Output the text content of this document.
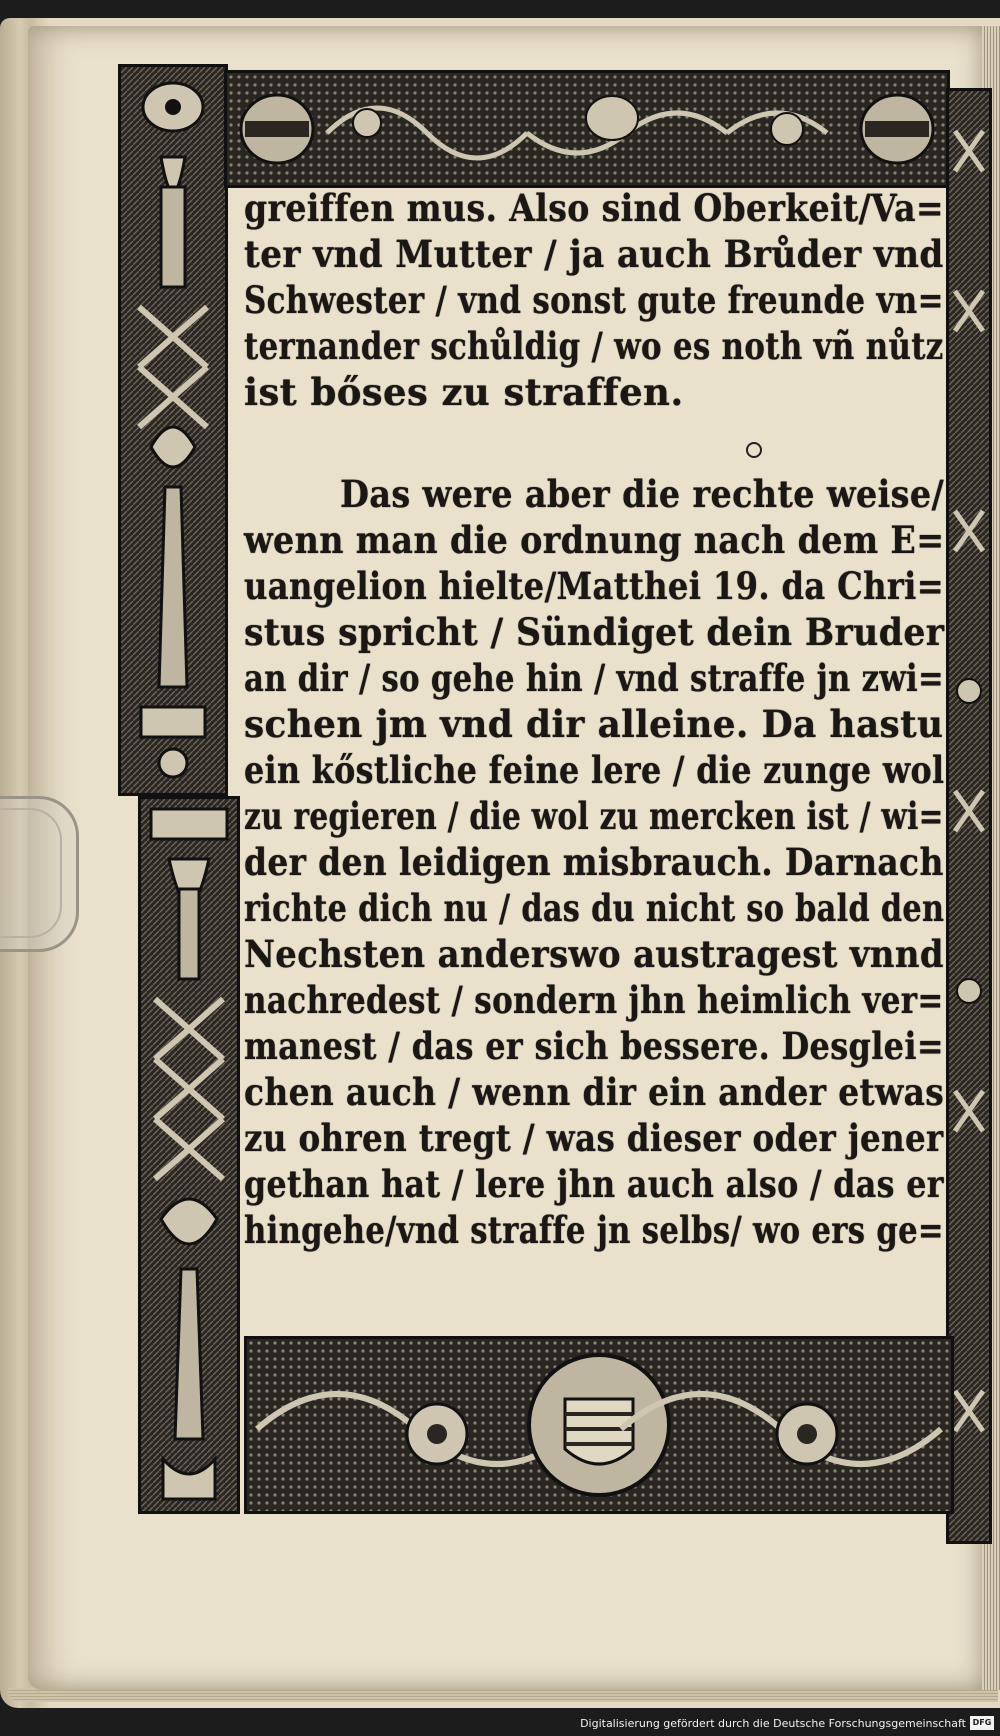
greiffen mus. Also sind Oberkeit/Va=
ter vnd Mutter / ja auch Brůder vnd
Schwester / vnd sonst gute freunde vn=
ternander schůldig / wo es noth vñ nůtz
ist bőses zu straffen.
Das were aber die rechte weise/
wenn man die ordnung nach dem E=
uangelion hielte/Matthei 19. da Chri=
stus spricht / Sündiget dein Bruder
an dir / so gehe hin / vnd straffe jn zwi=
schen jm vnd dir alleine. Da hastu
ein kőstliche feine lere / die zunge wol
zu regieren / die wol zu mercken ist / wi=
der den leidigen misbrauch. Darnach
richte dich nu / das du nicht so bald den
Nechsten anderswo austragest vnnd
nachredest / sondern jhn heimlich ver=
manest / das er sich bessere. Desglei=
chen auch / wenn dir ein ander etwas
zu ohren tregt / was dieser oder jener
gethan hat / lere jhn auch also / das er
hingehe/vnd straffe jn selbs/ wo ers ge=
Digitalisierung gefördert durch die Deutsche Forschungsgemeinschaft DFG
